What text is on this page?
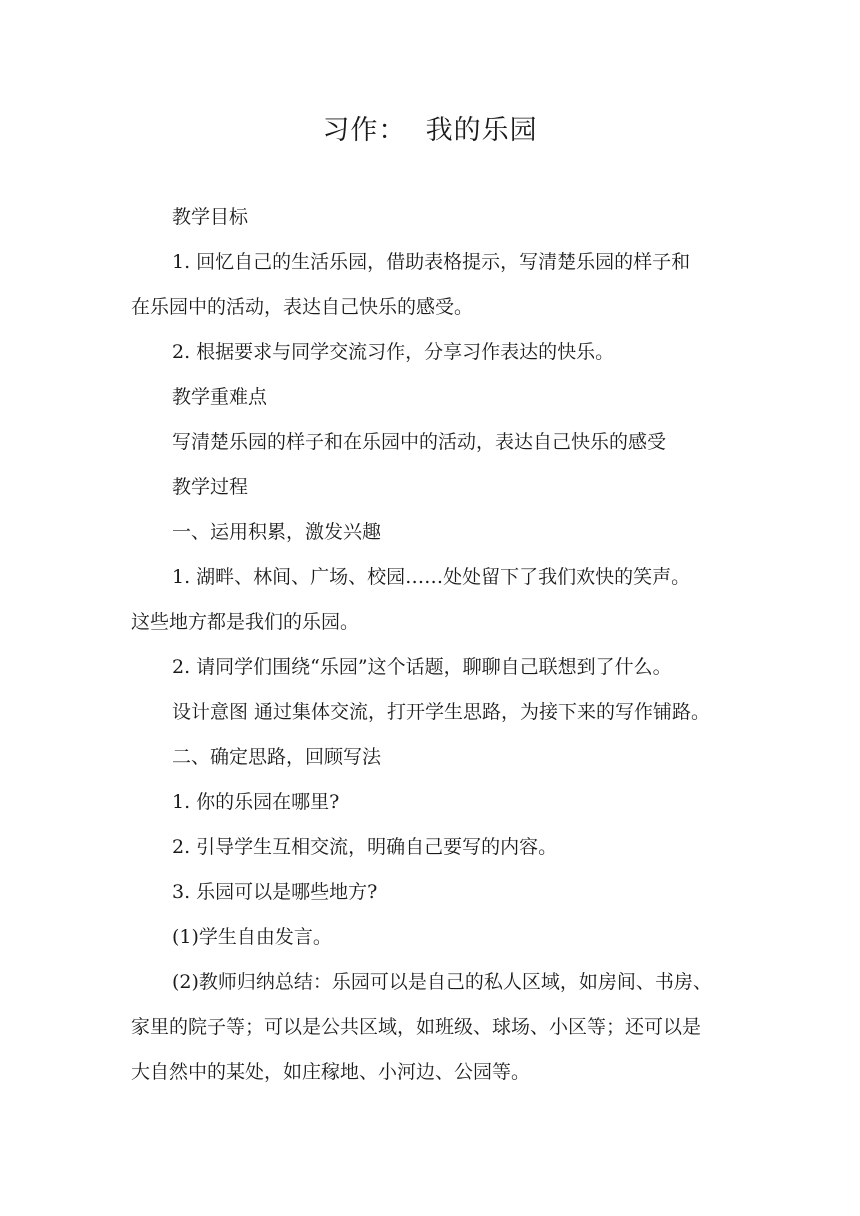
习作：  我的乐园
教学目标
1. 回忆自己的生活乐园，借助表格提示，写清楚乐园的样子和
在乐园中的活动，表达自己快乐的感受。
2. 根据要求与同学交流习作，分享习作表达的快乐。
教学重难点
写清楚乐园的样子和在乐园中的活动，表达自己快乐的感受
教学过程
一、运用积累，激发兴趣
1. 湖畔、林间、广场、校园……处处留下了我们欢快的笑声。
这些地方都是我们的乐园。
2. 请同学们围绕“乐园”这个话题，聊聊自己联想到了什么。
设计意图 通过集体交流，打开学生思路，为接下来的写作铺路。
二、确定思路，回顾写法
1. 你的乐园在哪里?
2. 引导学生互相交流，明确自己要写的内容。
3. 乐园可以是哪些地方?
(1)学生自由发言。
(2)教师归纳总结：乐园可以是自己的私人区域，如房间、书房、
家里的院子等；可以是公共区域，如班级、球场、小区等；还可以是
大自然中的某处，如庄稼地、小河边、公园等。
